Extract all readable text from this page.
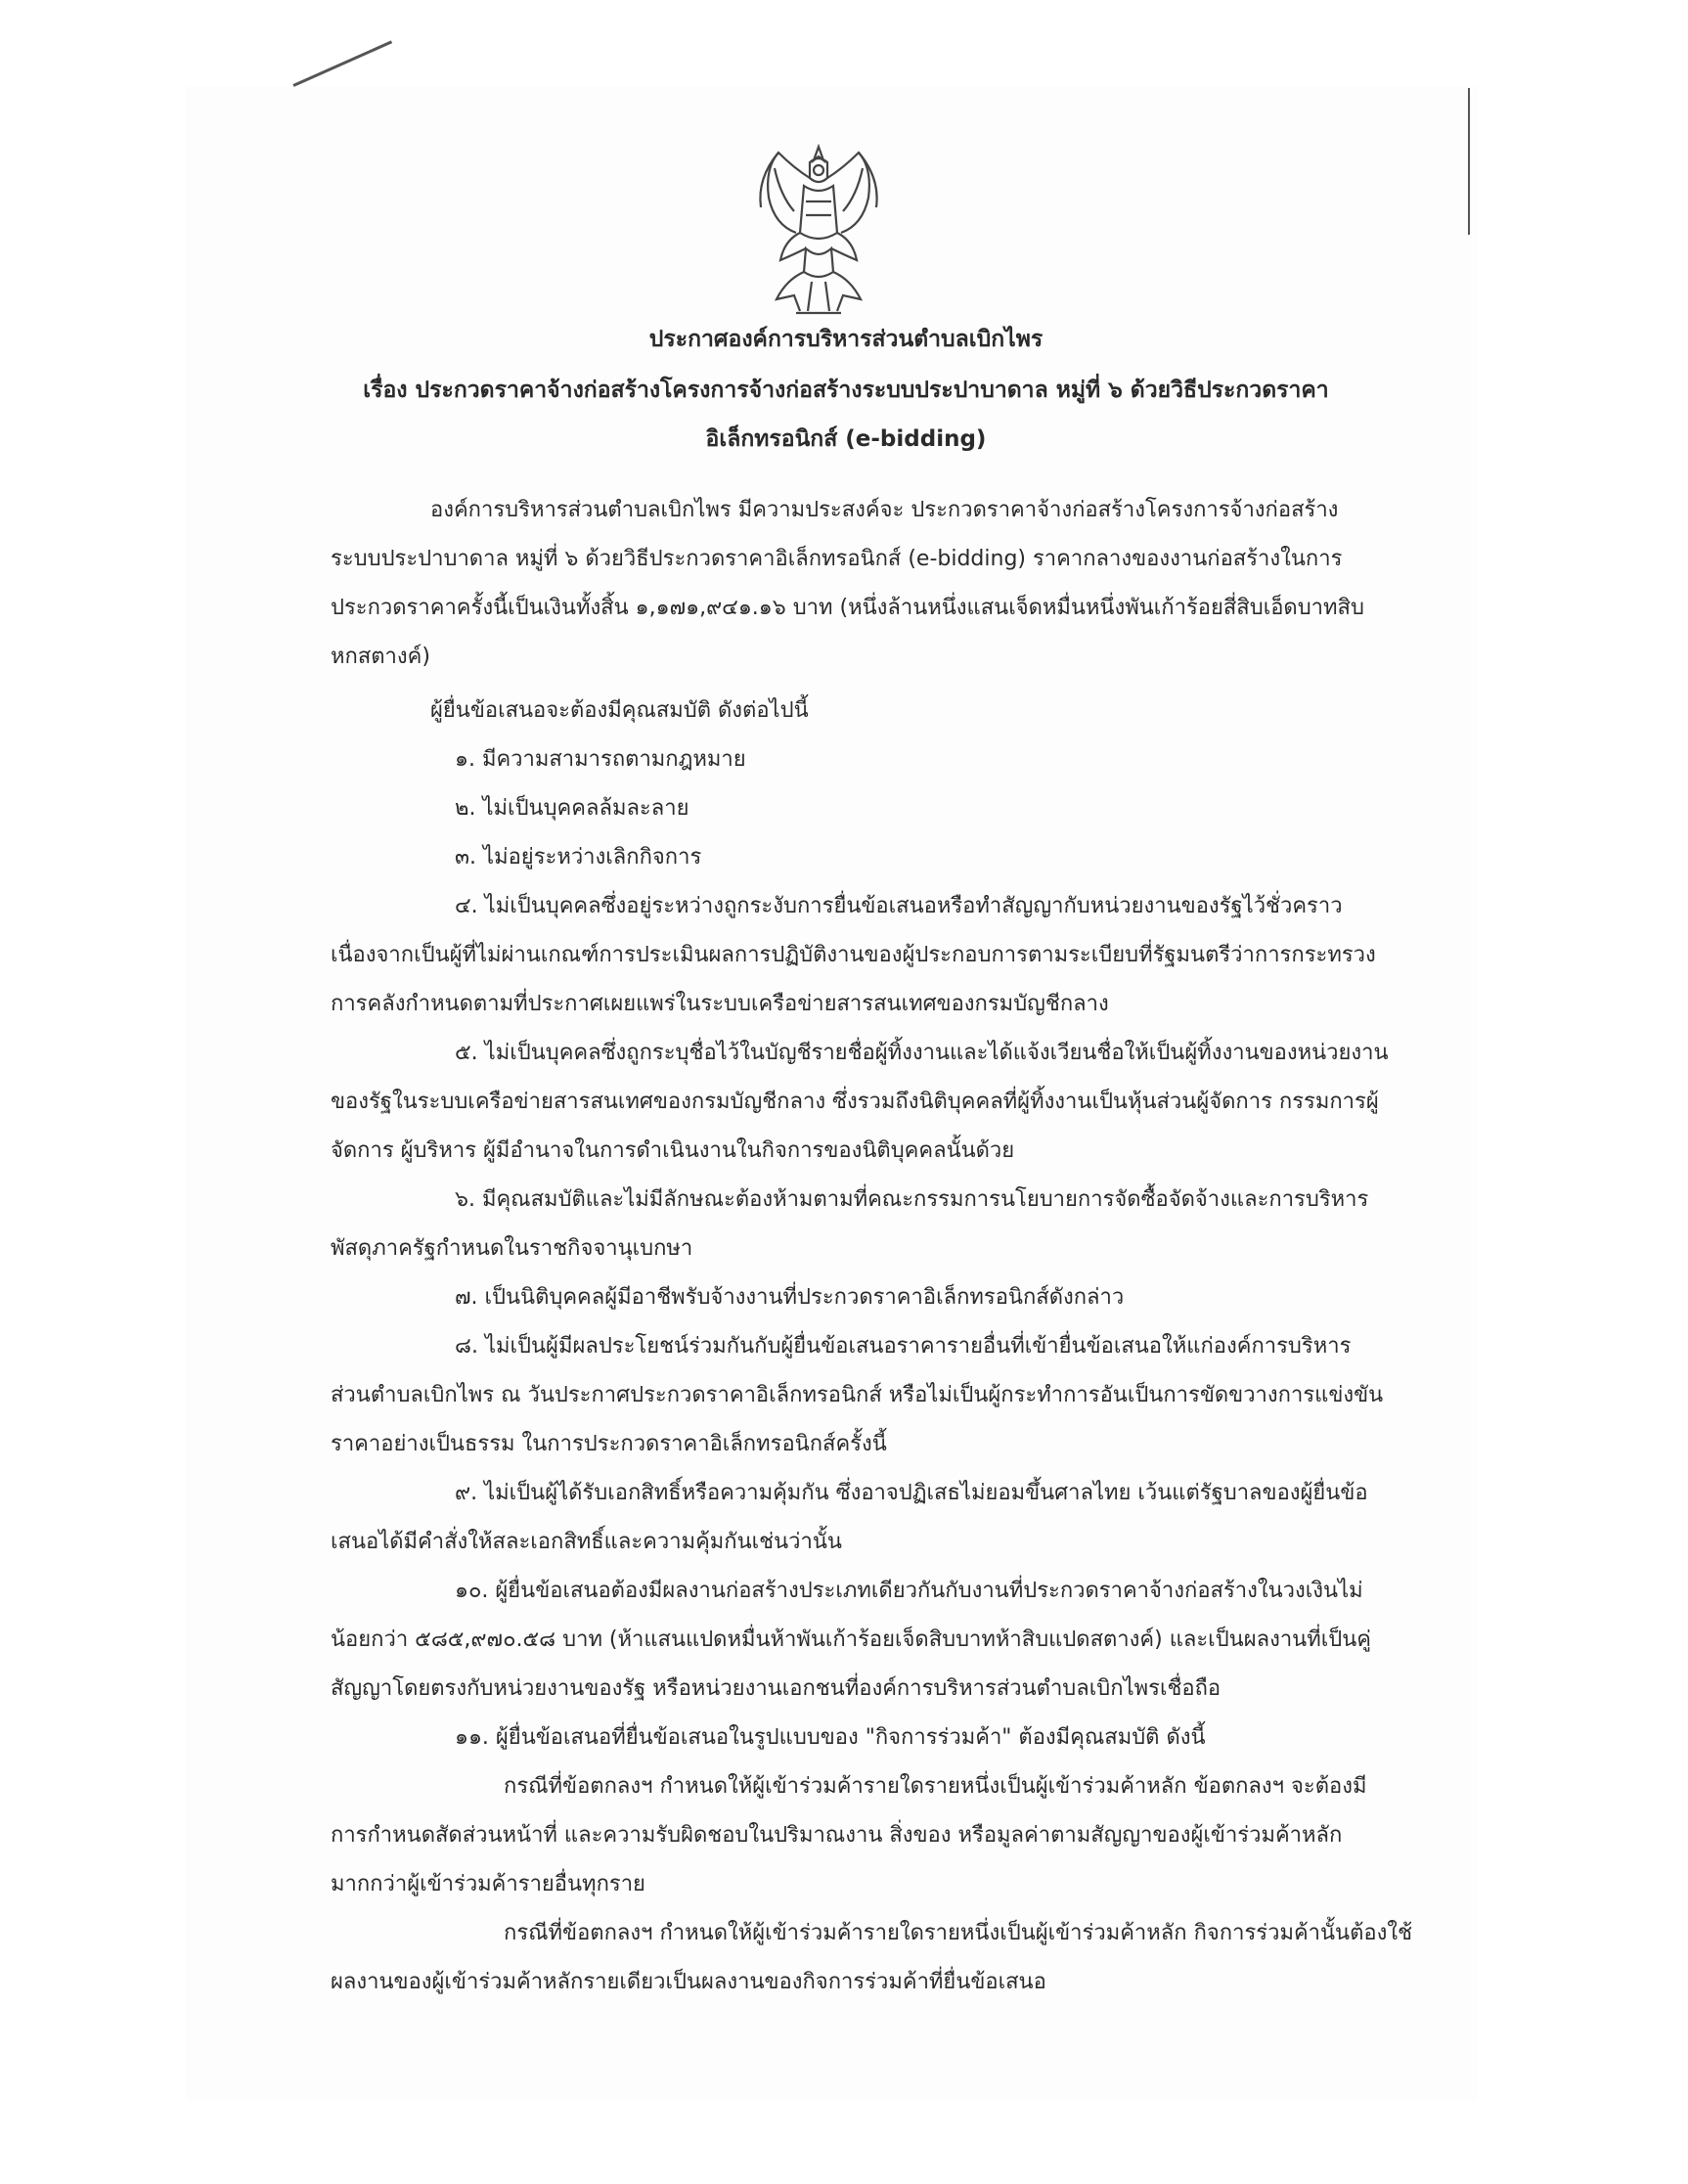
ประกาศองค์การบริหารส่วนตำบลเบิกไพร
เรื่อง ประกวดราคาจ้างก่อสร้างโครงการจ้างก่อสร้างระบบประปาบาดาล หมู่ที่ ๖ ด้วยวิธีประกวดราคา
อิเล็กทรอนิกส์ (e-bidding)
องค์การบริหารส่วนตำบลเบิกไพร มีความประสงค์จะ ประกวดราคาจ้างก่อสร้างโครงการจ้างก่อสร้าง
ระบบประปาบาดาล หมู่ที่ ๖ ด้วยวิธีประกวดราคาอิเล็กทรอนิกส์ (e-bidding) ราคากลางของงานก่อสร้างในการ
ประกวดราคาครั้งนี้เป็นเงินทั้งสิ้น ๑,๑๗๑,๙๔๑.๑๖ บาท (หนึ่งล้านหนึ่งแสนเจ็ดหมื่นหนึ่งพันเก้าร้อยสี่สิบเอ็ดบาทสิบ
หกสตางค์)
ผู้ยื่นข้อเสนอจะต้องมีคุณสมบัติ ดังต่อไปนี้
๑. มีความสามารถตามกฎหมาย
๒. ไม่เป็นบุคคลล้มละลาย
๓. ไม่อยู่ระหว่างเลิกกิจการ
๔. ไม่เป็นบุคคลซึ่งอยู่ระหว่างถูกระงับการยื่นข้อเสนอหรือทำสัญญากับหน่วยงานของรัฐไว้ชั่วคราว
เนื่องจากเป็นผู้ที่ไม่ผ่านเกณฑ์การประเมินผลการปฏิบัติงานของผู้ประกอบการตามระเบียบที่รัฐมนตรีว่าการกระทรวง
การคลังกำหนดตามที่ประกาศเผยแพร่ในระบบเครือข่ายสารสนเทศของกรมบัญชีกลาง
๕. ไม่เป็นบุคคลซึ่งถูกระบุชื่อไว้ในบัญชีรายชื่อผู้ทิ้งงานและได้แจ้งเวียนชื่อให้เป็นผู้ทิ้งงานของหน่วยงาน
ของรัฐในระบบเครือข่ายสารสนเทศของกรมบัญชีกลาง ซึ่งรวมถึงนิติบุคคลที่ผู้ทิ้งงานเป็นหุ้นส่วนผู้จัดการ กรรมการผู้
จัดการ ผู้บริหาร ผู้มีอำนาจในการดำเนินงานในกิจการของนิติบุคคลนั้นด้วย
๖. มีคุณสมบัติและไม่มีลักษณะต้องห้ามตามที่คณะกรรมการนโยบายการจัดซื้อจัดจ้างและการบริหาร
พัสดุภาครัฐกำหนดในราชกิจจานุเบกษา
๗. เป็นนิติบุคคลผู้มีอาชีพรับจ้างงานที่ประกวดราคาอิเล็กทรอนิกส์ดังกล่าว
๘. ไม่เป็นผู้มีผลประโยชน์ร่วมกันกับผู้ยื่นข้อเสนอราคารายอื่นที่เข้ายื่นข้อเสนอให้แก่องค์การบริหาร
ส่วนตำบลเบิกไพร ณ วันประกาศประกวดราคาอิเล็กทรอนิกส์ หรือไม่เป็นผู้กระทำการอันเป็นการขัดขวางการแข่งขัน
ราคาอย่างเป็นธรรม ในการประกวดราคาอิเล็กทรอนิกส์ครั้งนี้
๙. ไม่เป็นผู้ได้รับเอกสิทธิ์หรือความคุ้มกัน ซึ่งอาจปฏิเสธไม่ยอมขึ้นศาลไทย เว้นแต่รัฐบาลของผู้ยื่นข้อ
เสนอได้มีคำสั่งให้สละเอกสิทธิ์และความคุ้มกันเช่นว่านั้น
๑๐. ผู้ยื่นข้อเสนอต้องมีผลงานก่อสร้างประเภทเดียวกันกับงานที่ประกวดราคาจ้างก่อสร้างในวงเงินไม่
น้อยกว่า ๕๘๕,๙๗๐.๕๘ บาท (ห้าแสนแปดหมื่นห้าพันเก้าร้อยเจ็ดสิบบาทห้าสิบแปดสตางค์) และเป็นผลงานที่เป็นคู่
สัญญาโดยตรงกับหน่วยงานของรัฐ หรือหน่วยงานเอกชนที่องค์การบริหารส่วนตำบลเบิกไพรเชื่อถือ
๑๑. ผู้ยื่นข้อเสนอที่ยื่นข้อเสนอในรูปแบบของ "กิจการร่วมค้า" ต้องมีคุณสมบัติ ดังนี้
กรณีที่ข้อตกลงฯ กำหนดให้ผู้เข้าร่วมค้ารายใดรายหนึ่งเป็นผู้เข้าร่วมค้าหลัก ข้อตกลงฯ จะต้องมี
การกำหนดสัดส่วนหน้าที่ และความรับผิดชอบในปริมาณงาน สิ่งของ หรือมูลค่าตามสัญญาของผู้เข้าร่วมค้าหลัก
มากกว่าผู้เข้าร่วมค้ารายอื่นทุกราย
กรณีที่ข้อตกลงฯ กำหนดให้ผู้เข้าร่วมค้ารายใดรายหนึ่งเป็นผู้เข้าร่วมค้าหลัก กิจการร่วมค้านั้นต้องใช้
ผลงานของผู้เข้าร่วมค้าหลักรายเดียวเป็นผลงานของกิจการร่วมค้าที่ยื่นข้อเสนอ
